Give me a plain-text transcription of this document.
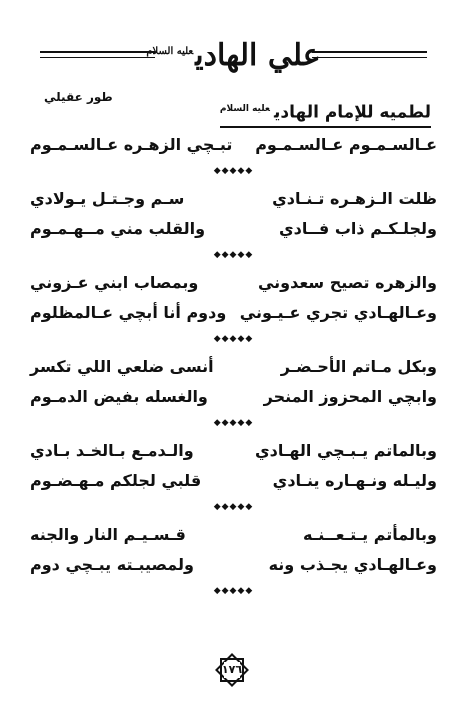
علي الهادي$^{عليه السلام}$
طور عقيلي
لطميه للإمام الهادي$^{عليه السلام}$
عـالسـمـوم عـالسـمـوم
تبـچي الزهـره عـالسـمـوم
◆◆◆◆◆
ظلت الـزهـره تـنـادي
سـم وجـتـل يـولادي
ولجلـكـم ذاب فــادي
والقلب مني مــهـمـوم
◆◆◆◆◆
والزهره تصيح سعدوني
وبمصاب ابني عـزوني
وعـالهـادي تجري عـيـوني
ودوم أنا أبچي عـالمظلوم
◆◆◆◆◆
وبكل مـاتم الأحـضـر
أنسى ضلعي اللي تكسر
وابچي المحزوز المنحر
والغسله بفيض الدمـوم
◆◆◆◆◆
وبالماتم يـبـچي الهـادي
والـدمـع بـالخـد بـادي
وليـله ونـهـاره ينـادي
قلبي لجلكم مـهـضـوم
◆◆◆◆◆
وبالمأتم يـتـعــنـه
قـسـيـم النار والجنه
وعـالهـادي يجـذب ونه
ولمصيبـته يبـچي دوم
◆◆◆◆◆
١٧٦
